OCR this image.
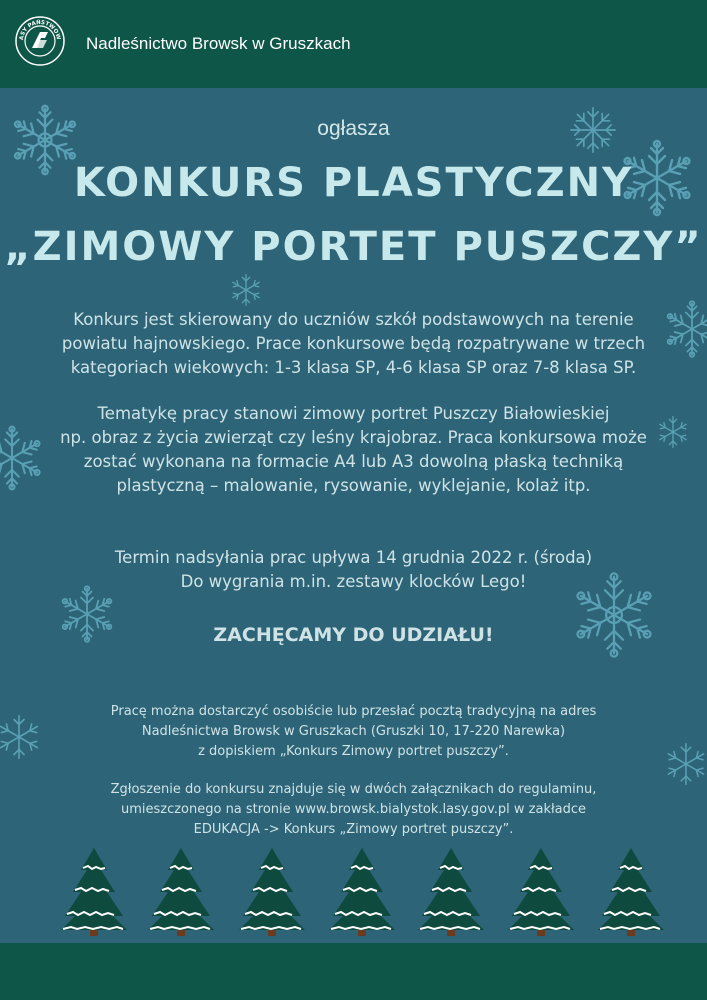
ASY PAŃSTWOW Nadleśnictwo Browsk w Gruszkach
ogłasza
KONKURS PLASTYCZNY
„ZIMOWY PORTET PUSZCZY”
Konkurs jest skierowany do uczniów szkół podstawowych na terenie
powiatu hajnowskiego. Prace konkursowe będą rozpatrywane w trzech
kategoriach wiekowych: 1-3 klasa SP, 4-6 klasa SP oraz 7-8 klasa SP.
Tematykę pracy stanowi zimowy portret Puszczy Białowieskiej
np. obraz z życia zwierząt czy leśny krajobraz. Praca konkursowa może
zostać wykonana na formacie A4 lub A3 dowolną płaską techniką
plastyczną – malowanie, rysowanie, wyklejanie, kolaż itp.
Termin nadsyłania prac upływa 14 grudnia 2022 r. (środa)
Do wygrania m.in. zestawy klocków Lego!
ZACHĘCAMY DO UDZIAŁU!
Pracę można dostarczyć osobiście lub przesłać pocztą tradycyjną na adres
Nadleśnictwa Browsk w Gruszkach (Gruszki 10, 17-220 Narewka)
z dopiskiem „Konkurs Zimowy portret puszczy”.
Zgłoszenie do konkursu znajduje się w dwóch załącznikach do regulaminu,
umieszczonego na stronie www.browsk.bialystok.lasy.gov.pl w zakładce
EDUKACJA -> Konkurs „Zimowy portret puszczy”.
